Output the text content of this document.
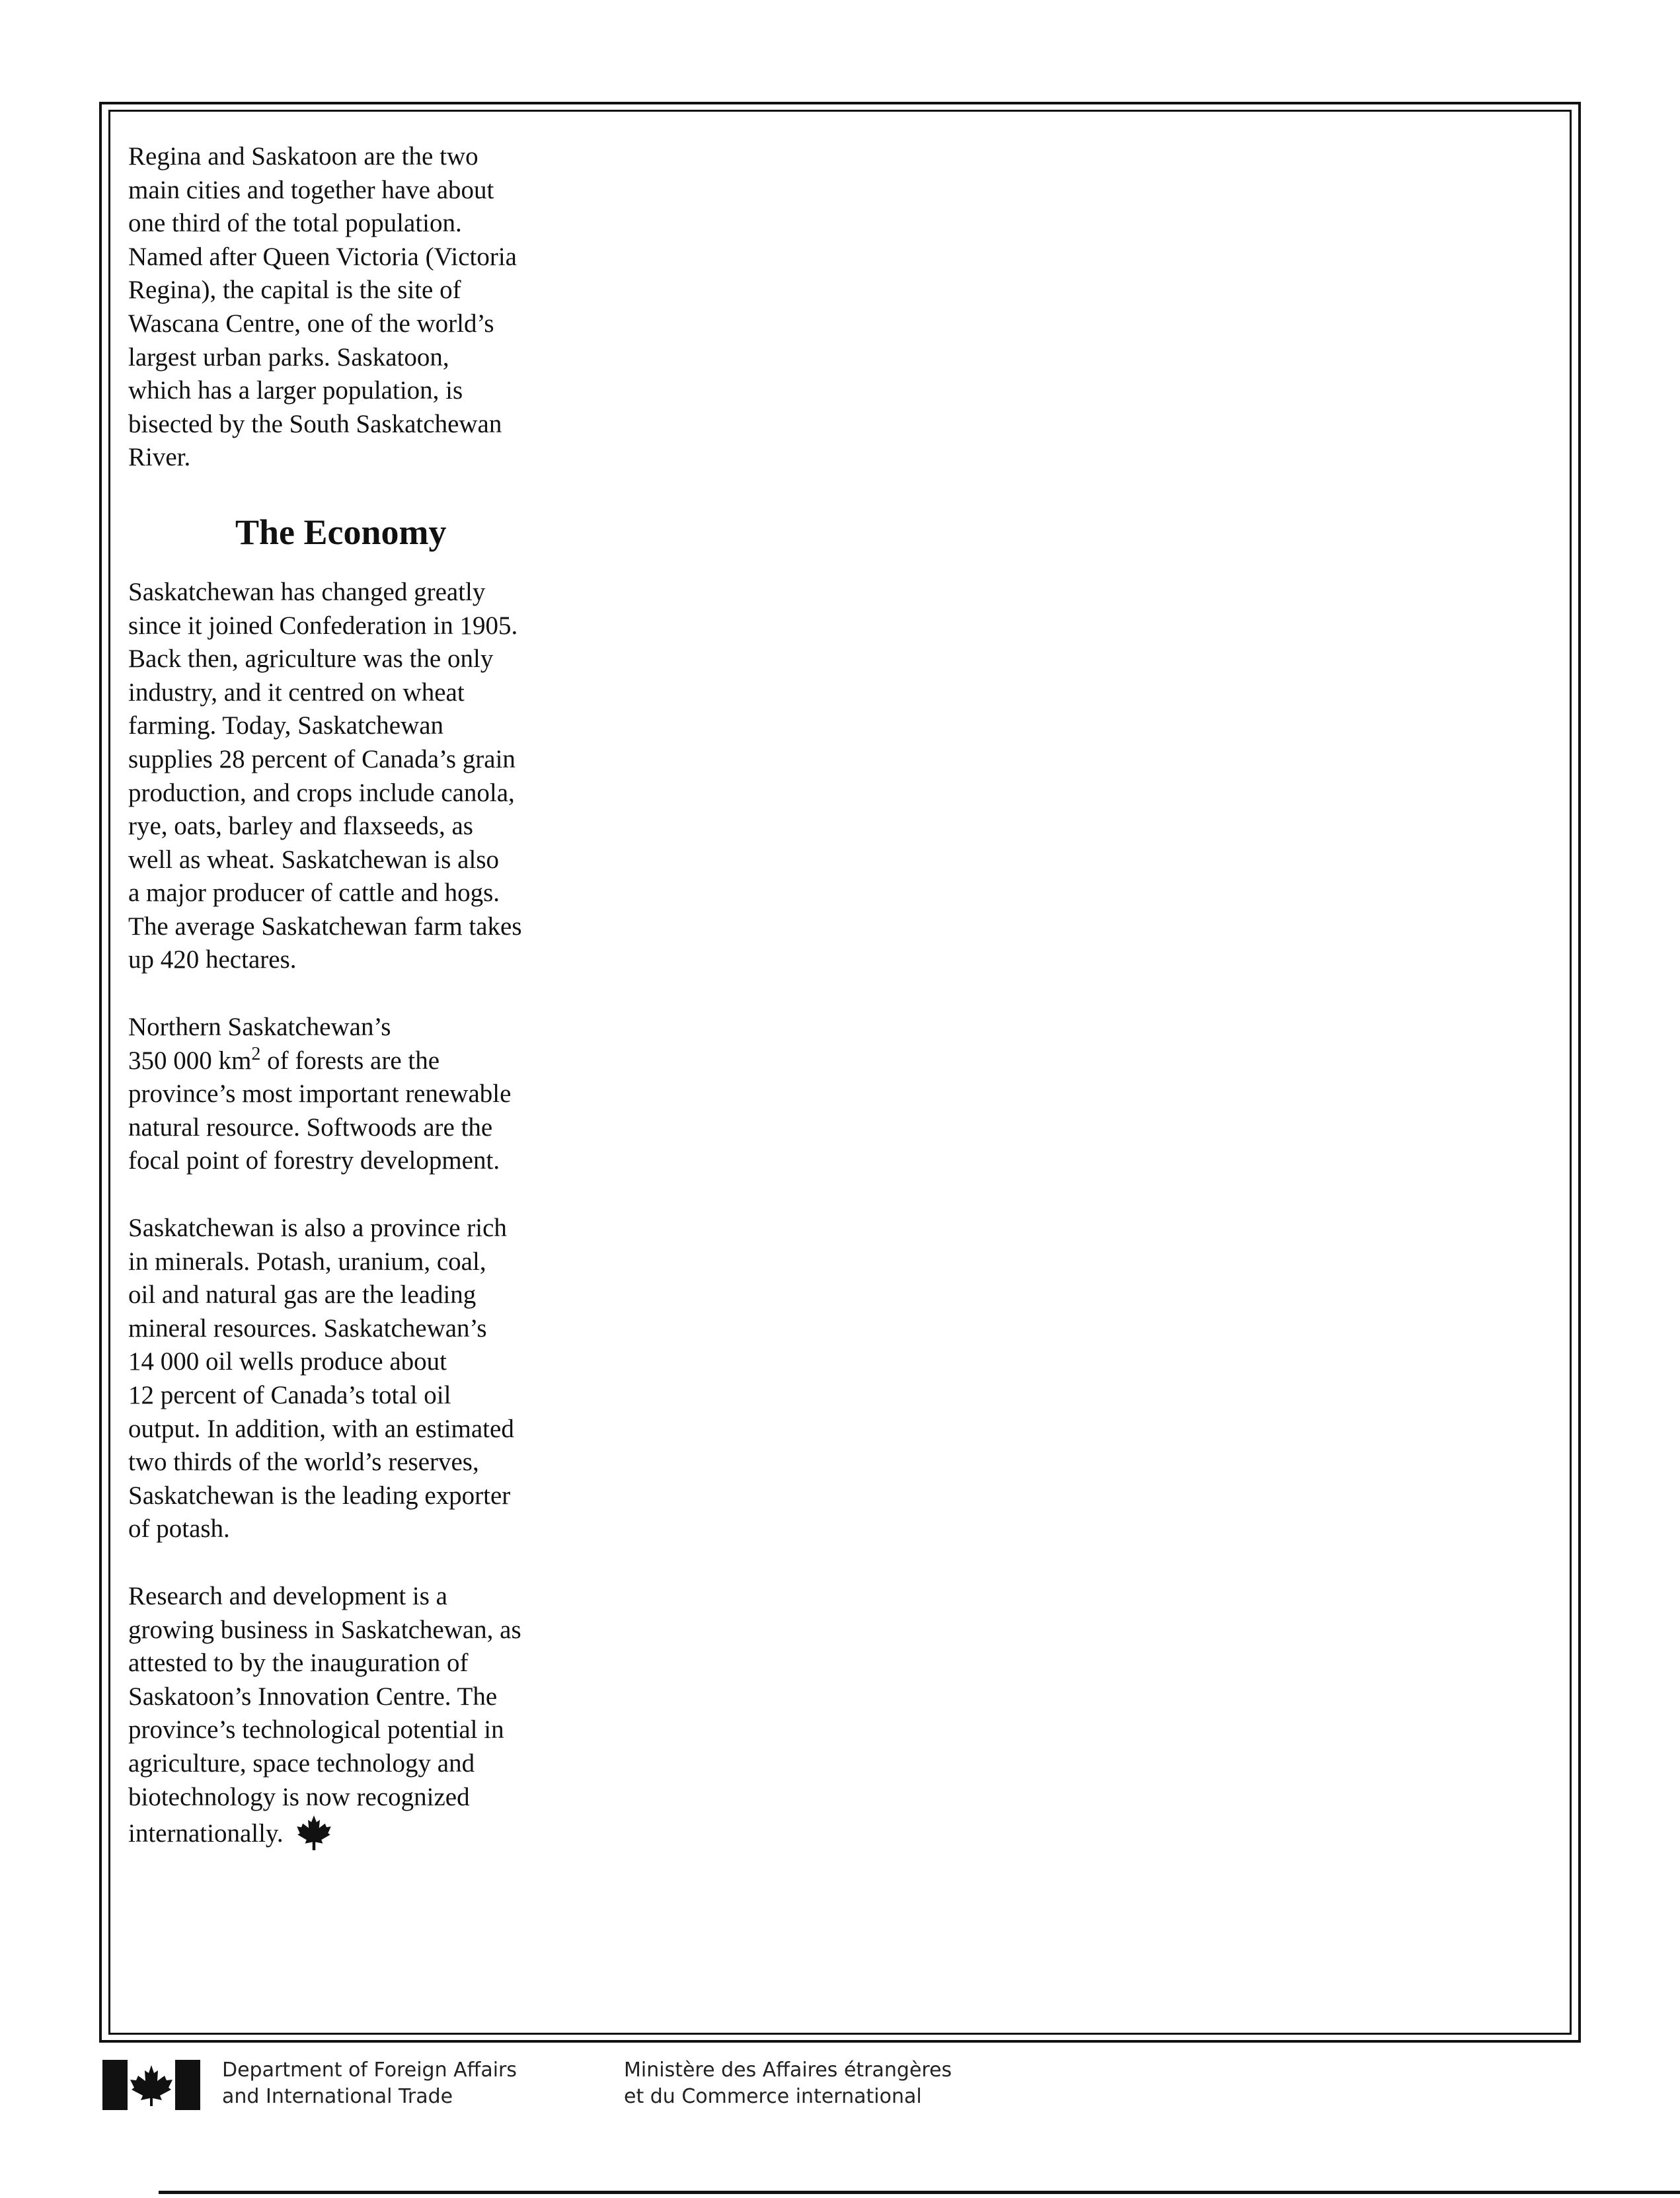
Regina and Saskatoon are the two
main cities and together have about
one third of the total population.
Named after Queen Victoria (Victoria
Regina), the capital is the site of
Wascana Centre, one of the world’s
largest urban parks. Saskatoon,
which has a larger population, is
bisected by the South Saskatchewan
River.

The Economy

Saskatchewan has changed greatly
since it joined Confederation in 1905.
Back then, agriculture was the only
industry, and it centred on wheat
farming. Today, Saskatchewan
supplies 28 percent of Canada’s grain
production, and crops include canola,
rye, oats, barley and flaxseeds, as
well as wheat. Saskatchewan is also
a major producer of cattle and hogs.
The average Saskatchewan farm takes
up 420 hectares.

Northern Saskatchewan’s
350 000 $km^2$ of forests are the
province’s most important renewable
natural resource. Softwoods are the
focal point of forestry development.

Saskatchewan is also a province rich
in minerals. Potash, uranium, coal,
oil and natural gas are the leading
mineral resources. Saskatchewan’s
14 000 oil wells produce about
12 percent of Canada’s total oil
output. In addition, with an estimated
two thirds of the world’s reserves,
Saskatchewan is the leading exporter
of potash.

Research and development is a
growing business in Saskatchewan, as
attested to by the inauguration of
Saskatoon’s Innovation Centre. The
province’s technological potential in
agriculture, space technology and
biotechnology is now recognized
internationally.

Department of Foreign Affairs
and International Trade
Ministère des Affaires étrangères
et du Commerce international
